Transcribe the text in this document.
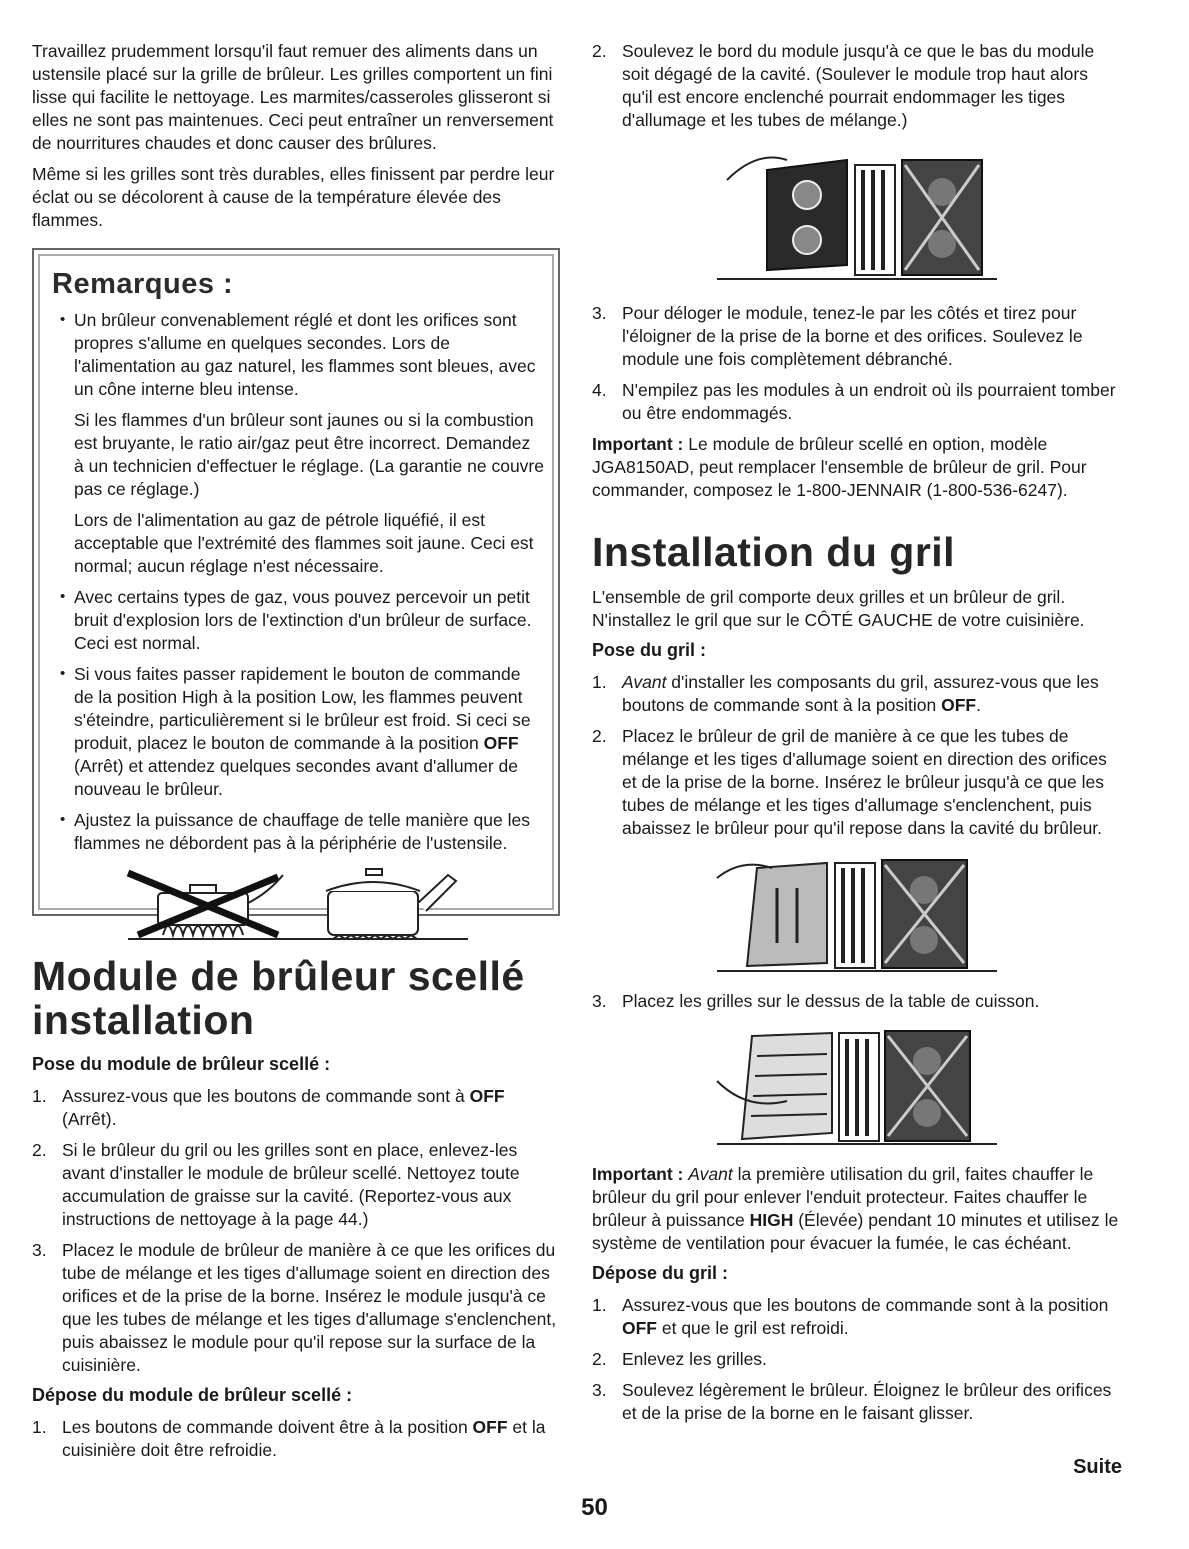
Travaillez prudemment lorsqu'il faut remuer des aliments dans un ustensile placé sur la grille de brûleur. Les grilles comportent un fini lisse qui facilite le nettoyage. Les marmites/casseroles glisseront si elles ne sont pas maintenues. Ceci peut entraîner un renversement de nourritures chaudes et donc causer des brûlures.

Même si les grilles sont très durables, elles finissent par perdre leur éclat ou se décolorent à cause de la température élevée des flammes.

Remarques :
• Un brûleur convenablement réglé et dont les orifices sont propres s'allume en quelques secondes. Lors de l'alimentation au gaz naturel, les flammes sont bleues, avec un cône interne bleu intense.

Si les flammes d'un brûleur sont jaunes ou si la combustion est bruyante, le ratio air/gaz peut être incorrect. Demandez à un technicien d'effectuer le réglage. (La garantie ne couvre pas ce réglage.)

Lors de l'alimentation au gaz de pétrole liquéfié, il est acceptable que l'extrémité des flammes soit jaune. Ceci est normal; aucun réglage n'est nécessaire.

• Avec certains types de gaz, vous pouvez percevoir un petit bruit d'explosion lors de l'extinction d'un brûleur de surface. Ceci est normal.
• Si vous faites passer rapidement le bouton de commande de la position High à la position Low, les flammes peuvent s'éteindre, particulièrement si le brûleur est froid. Si ceci se produit, placez le bouton de commande à la position OFF (Arrêt) et attendez quelques secondes avant d'allumer de nouveau le brûleur.
• Ajustez la puissance de chauffage de telle manière que les flammes ne débordent pas à la périphérie de l'ustensile.
Module de brûleur scellé
installation
Pose du module de brûleur scellé :
1. Assurez-vous que les boutons de commande sont à OFF (Arrêt).
2. Si le brûleur du gril ou les grilles sont en place, enlevez-les avant d'installer le module de brûleur scellé. Nettoyez toute accumulation de graisse sur la cavité. (Reportez-vous aux instructions de nettoyage à la page 44.)
3. Placez le module de brûleur de manière à ce que les orifices du tube de mélange et les tiges d'allumage soient en direction des orifices et de la prise de la borne. Insérez le module jusqu'à ce que les tubes de mélange et les tiges d'allumage s'enclenchent, puis abaissez le module pour qu'il repose sur la surface de la cuisinière.
Dépose du module de brûleur scellé :
1. Les boutons de commande doivent être à la position OFF et la cuisinière doit être refroidie.
2. Soulevez le bord du module jusqu'à ce que le bas du module soit dégagé de la cavité. (Soulever le module trop haut alors qu'il est encore enclenché pourrait endommager les tiges d'allumage et les tubes de mélange.)
3. Pour déloger le module, tenez-le par les côtés et tirez pour l'éloigner de la prise de la borne et des orifices. Soulevez le module une fois complètement débranché.
4. N'empilez pas les modules à un endroit où ils pourraient tomber ou être endommagés.

Important : Le module de brûleur scellé en option, modèle JGA8150AD, peut remplacer l'ensemble de brûleur de gril. Pour commander, composez le 1-800-JENNAIR (1-800-536-6247).

Installation du gril

L'ensemble de gril comporte deux grilles et un brûleur de gril. N'installez le gril que sur le CÔTÉ GAUCHE de votre cuisinière.

Pose du gril :
1. Avant d'installer les composants du gril, assurez-vous que les boutons de commande sont à la position OFF.
2. Placez le brûleur de gril de manière à ce que les tubes de mélange et les tiges d'allumage soient en direction des orifices et de la prise de la borne. Insérez le brûleur jusqu'à ce que les tubes de mélange et les tiges d'allumage s'enclenchent, puis abaissez le brûleur pour qu'il repose dans la cavité du brûleur.
3. Placez les grilles sur le dessus de la table de cuisson.

Important : Avant la première utilisation du gril, faites chauffer le brûleur du gril pour enlever l'enduit protecteur. Faites chauffer le brûleur à puissance HIGH (Élevée) pendant 10 minutes et utilisez le système de ventilation pour évacuer la fumée, le cas échéant.

Dépose du gril :
1. Assurez-vous que les boutons de commande sont à la position OFF et que le gril est refroidi.
2. Enlevez les grilles.
3. Soulevez légèrement le brûleur. Éloignez le brûleur des orifices et de la prise de la borne en le faisant glisser.
Suite
50
